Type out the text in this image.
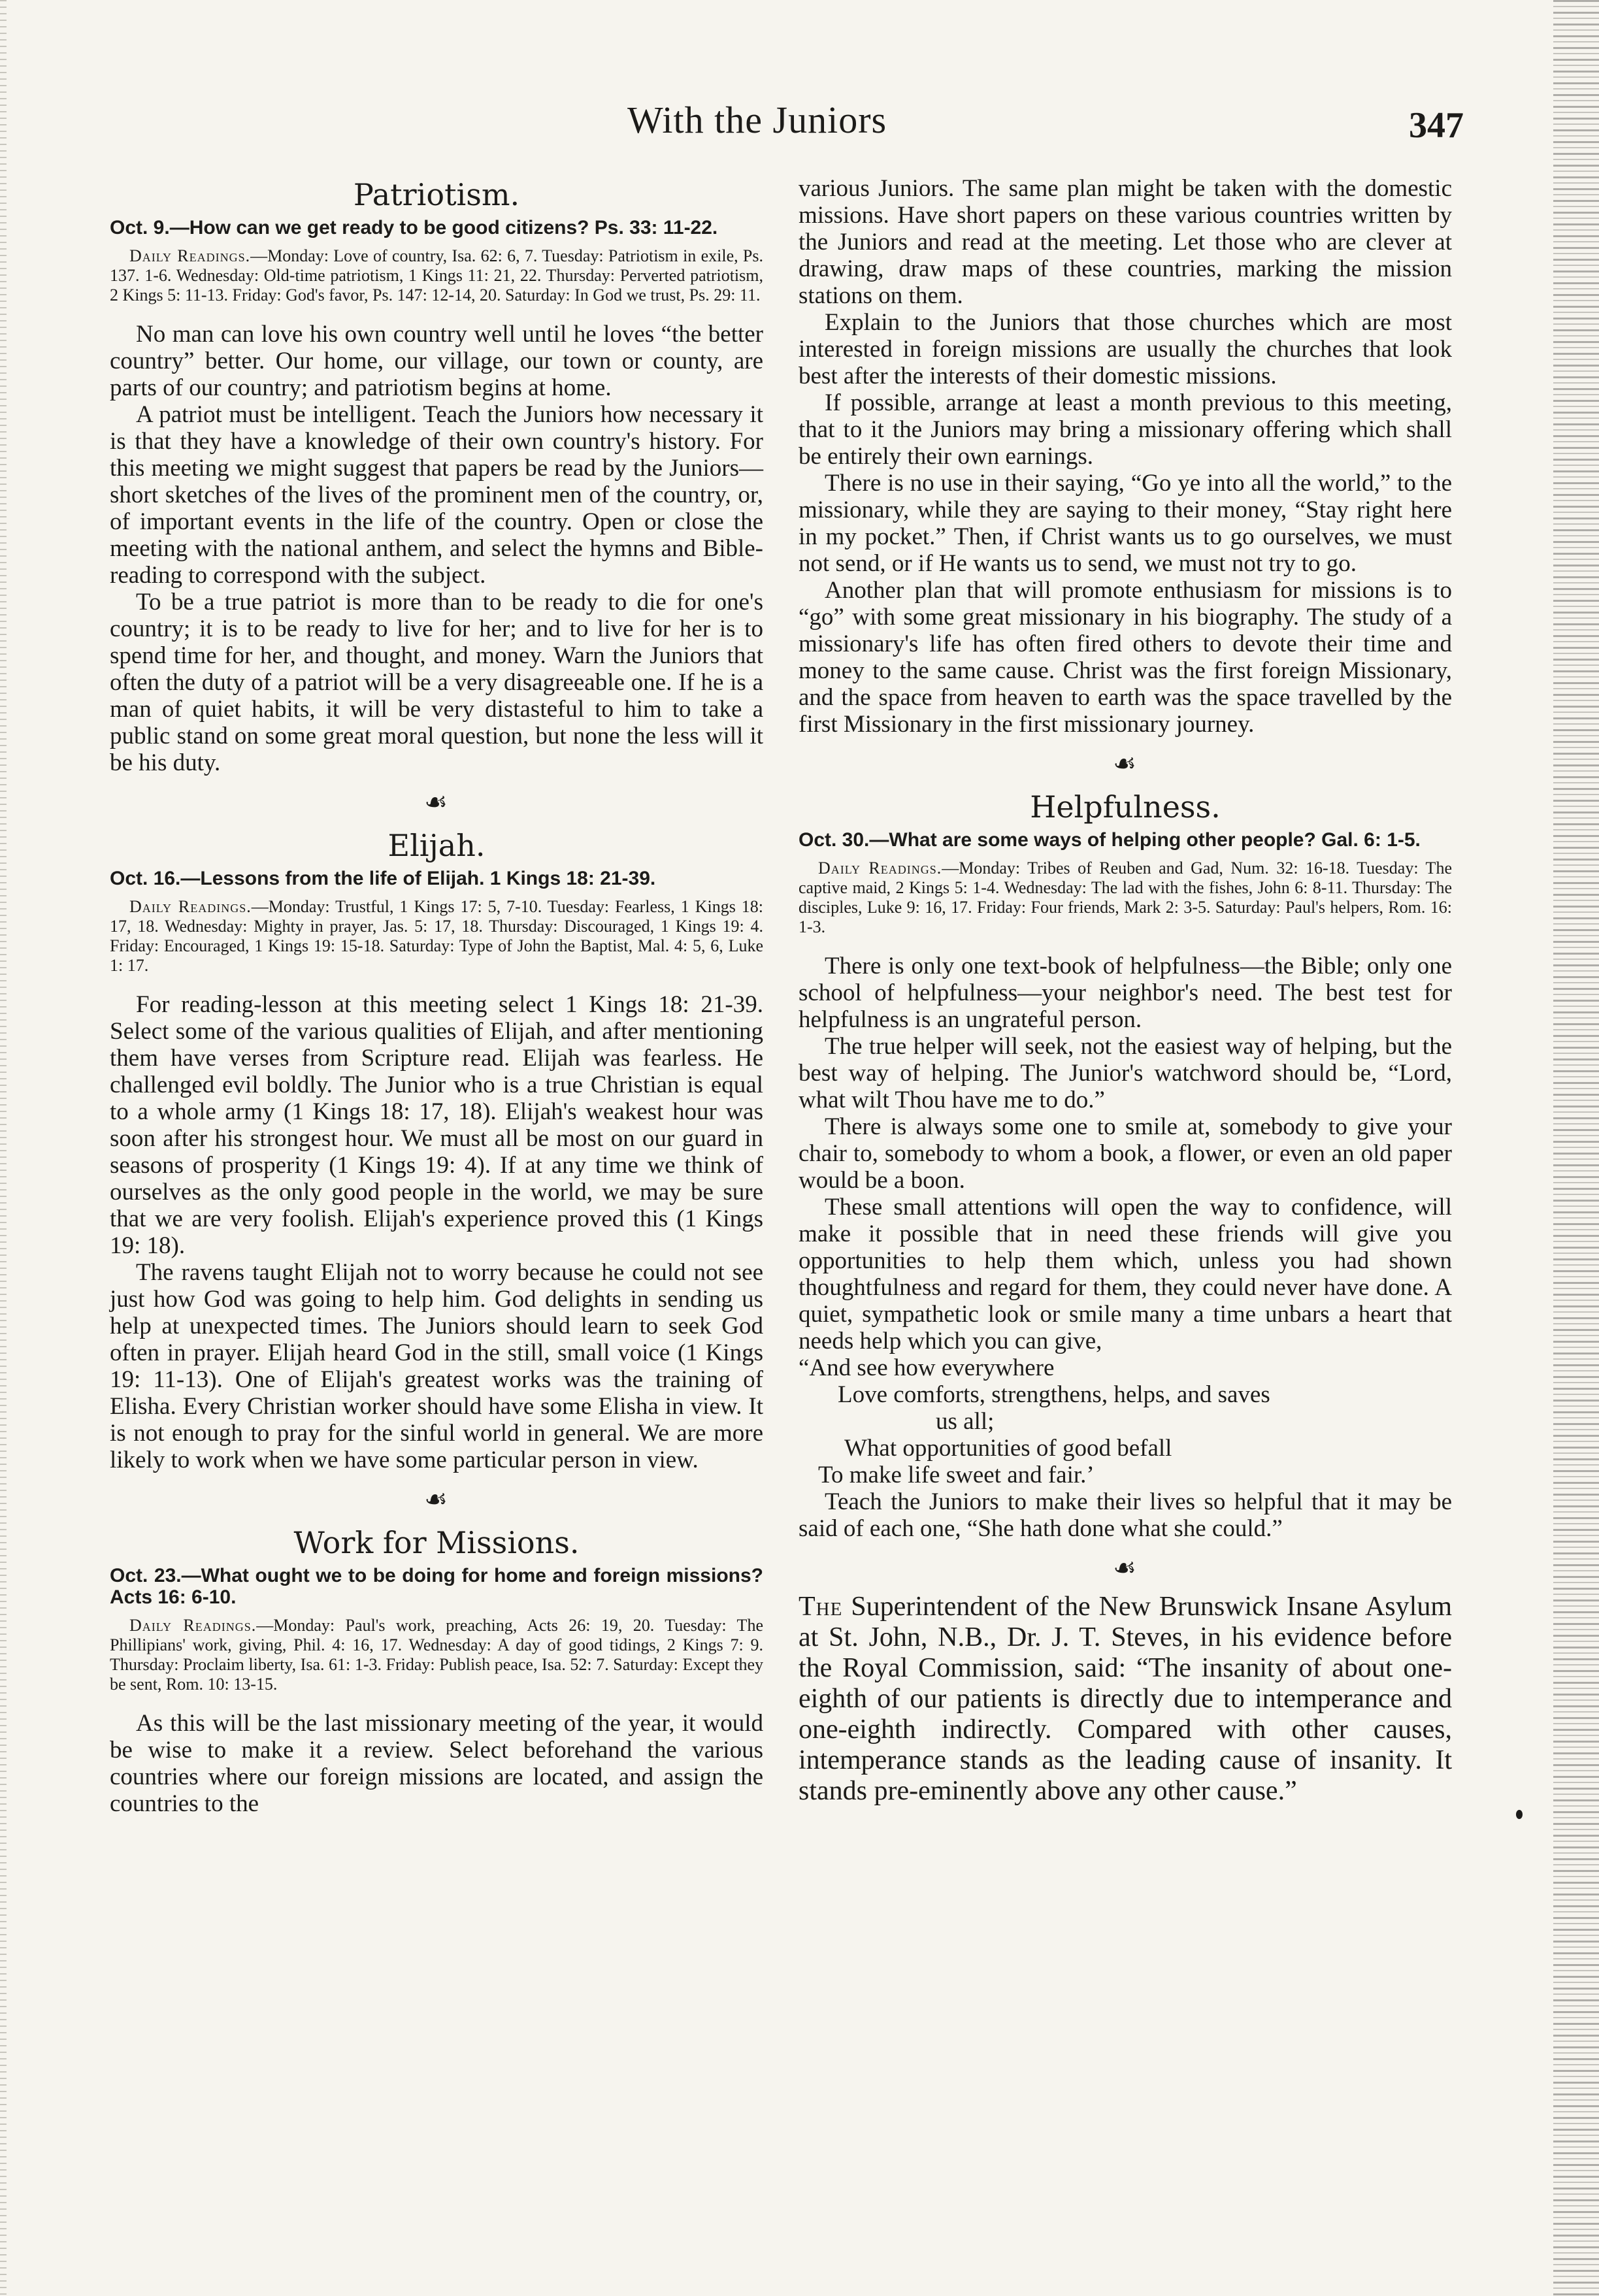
With the Juniors	347
Patriotism.
Oct. 9.—How can we get ready to be good citizens? Ps. 33: 11-22.
Daily Readings.—Monday: Love of country, Isa. 62: 6, 7. Tuesday: Patriotism in exile, Ps. 137. 1-6. Wednesday: Old-time patriotism, 1 Kings 11: 21, 22. Thursday: Perverted patriotism, 2 Kings 5: 11-13. Friday: God's favor, Ps. 147: 12-14, 20. Saturday: In God we trust, Ps. 29: 11.

No man can love his own country well until he loves “the better country” better. Our home, our village, our town or county, are parts of our country; and patriotism begins at home.

A patriot must be intelligent. Teach the Juniors how necessary it is that they have a knowledge of their own country's history. For this meeting we might suggest that papers be read by the Juniors—short sketches of the lives of the prominent men of the country, or, of important events in the life of the country. Open or close the meeting with the national anthem, and select the hymns and Bible-reading to correspond with the subject.

To be a true patriot is more than to be ready to die for one's country; it is to be ready to live for her; and to live for her is to spend time for her, and thought, and money. Warn the Juniors that often the duty of a patriot will be a very disagreeable one. If he is a man of quiet habits, it will be very distasteful to him to take a public stand on some great moral question, but none the less will it be his duty.

☙
Elijah.
Oct. 16.—Lessons from the life of Elijah. 1 Kings 18: 21-39.
Daily Readings.—Monday: Trustful, 1 Kings 17: 5, 7-10. Tuesday: Fearless, 1 Kings 18: 17, 18. Wednesday: Mighty in prayer, Jas. 5: 17, 18. Thursday: Discouraged, 1 Kings 19: 4. Friday: Encouraged, 1 Kings 19: 15-18. Saturday: Type of John the Baptist, Mal. 4: 5, 6, Luke 1: 17.

For reading-lesson at this meeting select 1 Kings 18: 21-39. Select some of the various qualities of Elijah, and after mentioning them have verses from Scripture read. Elijah was fearless. He challenged evil boldly. The Junior who is a true Christian is equal to a whole army (1 Kings 18: 17, 18). Elijah's weakest hour was soon after his strongest hour. We must all be most on our guard in seasons of prosperity (1 Kings 19: 4). If at any time we think of ourselves as the only good people in the world, we may be sure that we are very foolish. Elijah's experience proved this (1 Kings 19: 18).

The ravens taught Elijah not to worry because he could not see just how God was going to help him. God delights in sending us help at unexpected times. The Juniors should learn to seek God often in prayer. Elijah heard God in the still, small voice (1 Kings 19: 11-13). One of Elijah's greatest works was the training of Elisha. Every Christian worker should have some Elisha in view. It is not enough to pray for the sinful world in general. We are more likely to work when we have some particular person in view.

☙
Work for Missions.
Oct. 23.—What ought we to be doing for home and foreign missions? Acts 16: 6-10.
Daily Readings.—Monday: Paul's work, preaching, Acts 26: 19, 20. Tuesday: The Phillipians' work, giving, Phil. 4: 16, 17. Wednesday: A day of good tidings, 2 Kings 7: 9. Thursday: Proclaim liberty, Isa. 61: 1-3. Friday: Publish peace, Isa. 52: 7. Saturday: Except they be sent, Rom. 10: 13-15.

As this will be the last missionary meeting of the year, it would be wise to make it a review. Select beforehand the various countries where our foreign missions are located, and assign the countries to the

various Juniors. The same plan might be taken with the domestic missions. Have short papers on these various countries written by the Juniors and read at the meeting. Let those who are clever at drawing, draw maps of these countries, marking the mission stations on them.

Explain to the Juniors that those churches which are most interested in foreign missions are usually the churches that look best after the interests of their domestic missions.

If possible, arrange at least a month previous to this meeting, that to it the Juniors may bring a missionary offering which shall be entirely their own earnings.

There is no use in their saying, “Go ye into all the world,” to the missionary, while they are saying to their money, “Stay right here in my pocket.” Then, if Christ wants us to go ourselves, we must not send, or if He wants us to send, we must not try to go.

Another plan that will promote enthusiasm for missions is to “go” with some great missionary in his biography. The study of a missionary's life has often fired others to devote their time and money to the same cause. Christ was the first foreign Missionary, and the space from heaven to earth was the space travelled by the first Missionary in the first missionary journey.

☙
Helpfulness.
Oct. 30.—What are some ways of helping other people? Gal. 6: 1-5.
Daily Readings.—Monday: Tribes of Reuben and Gad, Num. 32: 16-18. Tuesday: The captive maid, 2 Kings 5: 1-4. Wednesday: The lad with the fishes, John 6: 8-11. Thursday: The disciples, Luke 9: 16, 17. Friday: Four friends, Mark 2: 3-5. Saturday: Paul's helpers, Rom. 16: 1-3.

There is only one text-book of helpfulness—the Bible; only one school of helpfulness—your neighbor's need. The best test for helpfulness is an ungrateful person.

The true helper will seek, not the easiest way of helping, but the best way of helping. The Junior's watchword should be, “Lord, what wilt Thou have me to do.”

There is always some one to smile at, somebody to give your chair to, somebody to whom a book, a flower, or even an old paper would be a boon.

These small attentions will open the way to confidence, will make it possible that in need these friends will give you opportunities to help them which, unless you had shown thoughtfulness and regard for them, they could never have done. A quiet, sympathetic look or smile many a time unbars a heart that needs help which you can give,

“And see how everywhere
Love comforts, strengthens, helps, and saves
us all;
What opportunities of good befall
To make life sweet and fair.’

Teach the Juniors to make their lives so helpful that it may be said of each one, “She hath done what she could.”

☙

The Superintendent of the New Brunswick Insane Asylum at St. John, N.B., Dr. J. T. Steves, in his evidence before the Royal Commission, said: “The insanity of about one-eighth of our patients is directly due to intemperance and one-eighth indirectly. Compared with other causes, intemperance stands as the leading cause of insanity. It stands pre-eminently above any other cause.”
